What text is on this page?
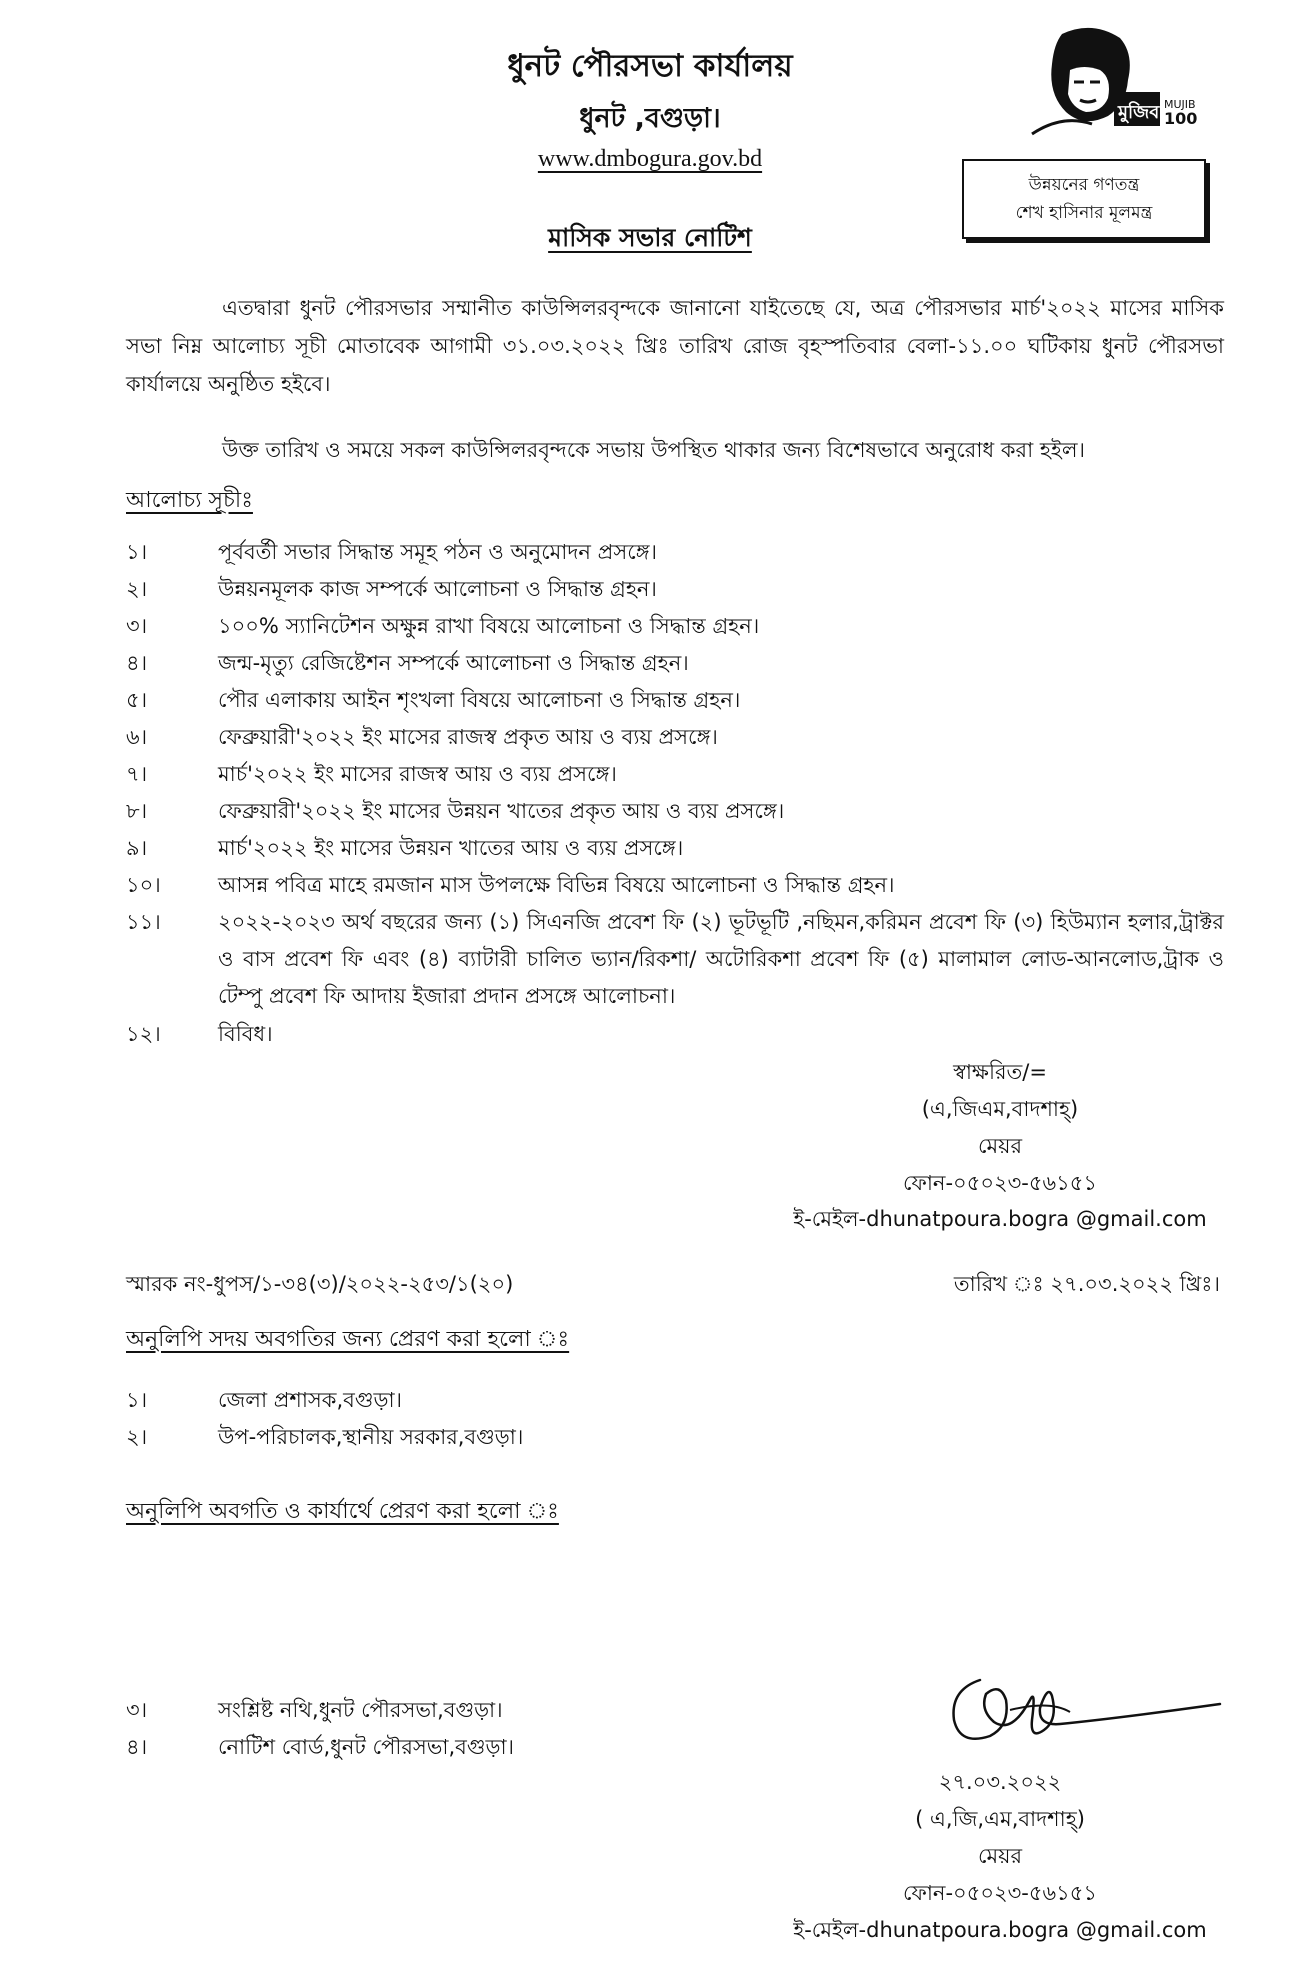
ধুনট পৌরসভা কার্যালয়
ধুনট ,বগুড়া।
www.dmbogura.gov.bd
মাসিক সভার নোটিশ
মুজিব MUJIB
100
উন্নয়নের গণতন্ত্র
শেখ হাসিনার মূলমন্ত্র
এতদ্বারা ধুনট পৌরসভার সম্মানীত কাউন্সিলরবৃন্দকে জানানো যাইতেছে যে, অত্র পৌরসভার মার্চ'২০২২ মাসের মাসিক সভা নিম্ন আলোচ্য সূচী মোতাবেক আগামী ৩১.০৩.২০২২ খ্রিঃ তারিখ রোজ বৃহস্পতিবার বেলা-১১.০০ ঘটিকায় ধুনট পৌরসভা কার্যালয়ে অনুষ্ঠিত হইবে।
উক্ত তারিখ ও সময়ে সকল কাউন্সিলরবৃন্দকে সভায় উপস্থিত থাকার জন্য বিশেষভাবে অনুরোধ করা হইল।
আলোচ্য সূচীঃ
১।	পূর্ববর্তী সভার সিদ্ধান্ত সমূহ পঠন ও অনুমোদন প্রসঙ্গে।
২।	উন্নয়নমূলক কাজ সম্পর্কে আলোচনা ও সিদ্ধান্ত গ্রহন।
৩।	১০০% স্যানিটেশন অক্ষুন্ন রাখা বিষয়ে আলোচনা ও সিদ্ধান্ত গ্রহন।
৪।	জন্ম-মৃত্যু রেজিষ্টেশন সম্পর্কে আলোচনা ও সিদ্ধান্ত গ্রহন।
৫।	পৌর এলাকায় আইন শৃংখলা বিষয়ে আলোচনা ও সিদ্ধান্ত গ্রহন।
৬।	ফেব্রুয়ারী'২০২২ ইং মাসের রাজস্ব প্রকৃত আয় ও ব্যয় প্রসঙ্গে।
৭।	মার্চ'২০২২ ইং মাসের রাজস্ব আয় ও ব্যয় প্রসঙ্গে।
৮।	ফেব্রুয়ারী'২০২২ ইং মাসের উন্নয়ন খাতের প্রকৃত আয় ও ব্যয় প্রসঙ্গে।
৯।	মার্চ'২০২২ ইং মাসের উন্নয়ন খাতের আয় ও ব্যয় প্রসঙ্গে।
১০।	আসন্ন পবিত্র মাহে রমজান মাস উপলক্ষে বিভিন্ন বিষয়ে আলোচনা ও সিদ্ধান্ত গ্রহন।
১১।	২০২২-২০২৩ অর্থ বছরের জন্য (১) সিএনজি প্রবেশ ফি (২) ভূটভূটি ,নছিমন,করিমন প্রবেশ ফি (৩) হিউম্যান হলার,ট্রাক্টর ও বাস প্রবেশ ফি এবং (৪) ব্যাটারী চালিত ভ্যান/রিকশা/ অটোরিকশা প্রবেশ ফি (৫) মালামাল লোড-আনলোড,ট্রাক ও টেম্পু প্রবেশ ফি আদায় ইজারা প্রদান প্রসঙ্গে আলোচনা।
১২।	বিবিধ।
স্বাক্ষরিত/=
(এ,জিএম,বাদশাহ্)
মেয়র
ফোন-০৫০২৩-৫৬১৫১
ই-মেইল-dhunatpoura.bogra @gmail.com
স্মারক নং-ধুপস/১-৩৪(৩)/২০২২-২৫৩/১(২০)	তারিখ ঃ ২৭.০৩.২০২২ খ্রিঃ।
অনুলিপি সদয় অবগতির জন্য প্রেরণ করা হলো ঃ
১।	জেলা প্রশাসক,বগুড়া।
২।	উপ-পরিচালক,স্থানীয় সরকার,বগুড়া।
অনুলিপি অবগতি ও কার্যার্থে প্রেরণ করা হলো ঃ
৩।	সংশ্লিষ্ট নথি,ধুনট পৌরসভা,বগুড়া।
৪।	নোটিশ বোর্ড,ধুনট পৌরসভা,বগুড়া।
২৭.০৩.২০২২
( এ,জি,এম,বাদশাহ্)
মেয়র
ফোন-০৫০২৩-৫৬১৫১
ই-মেইল-dhunatpoura.bogra @gmail.com
